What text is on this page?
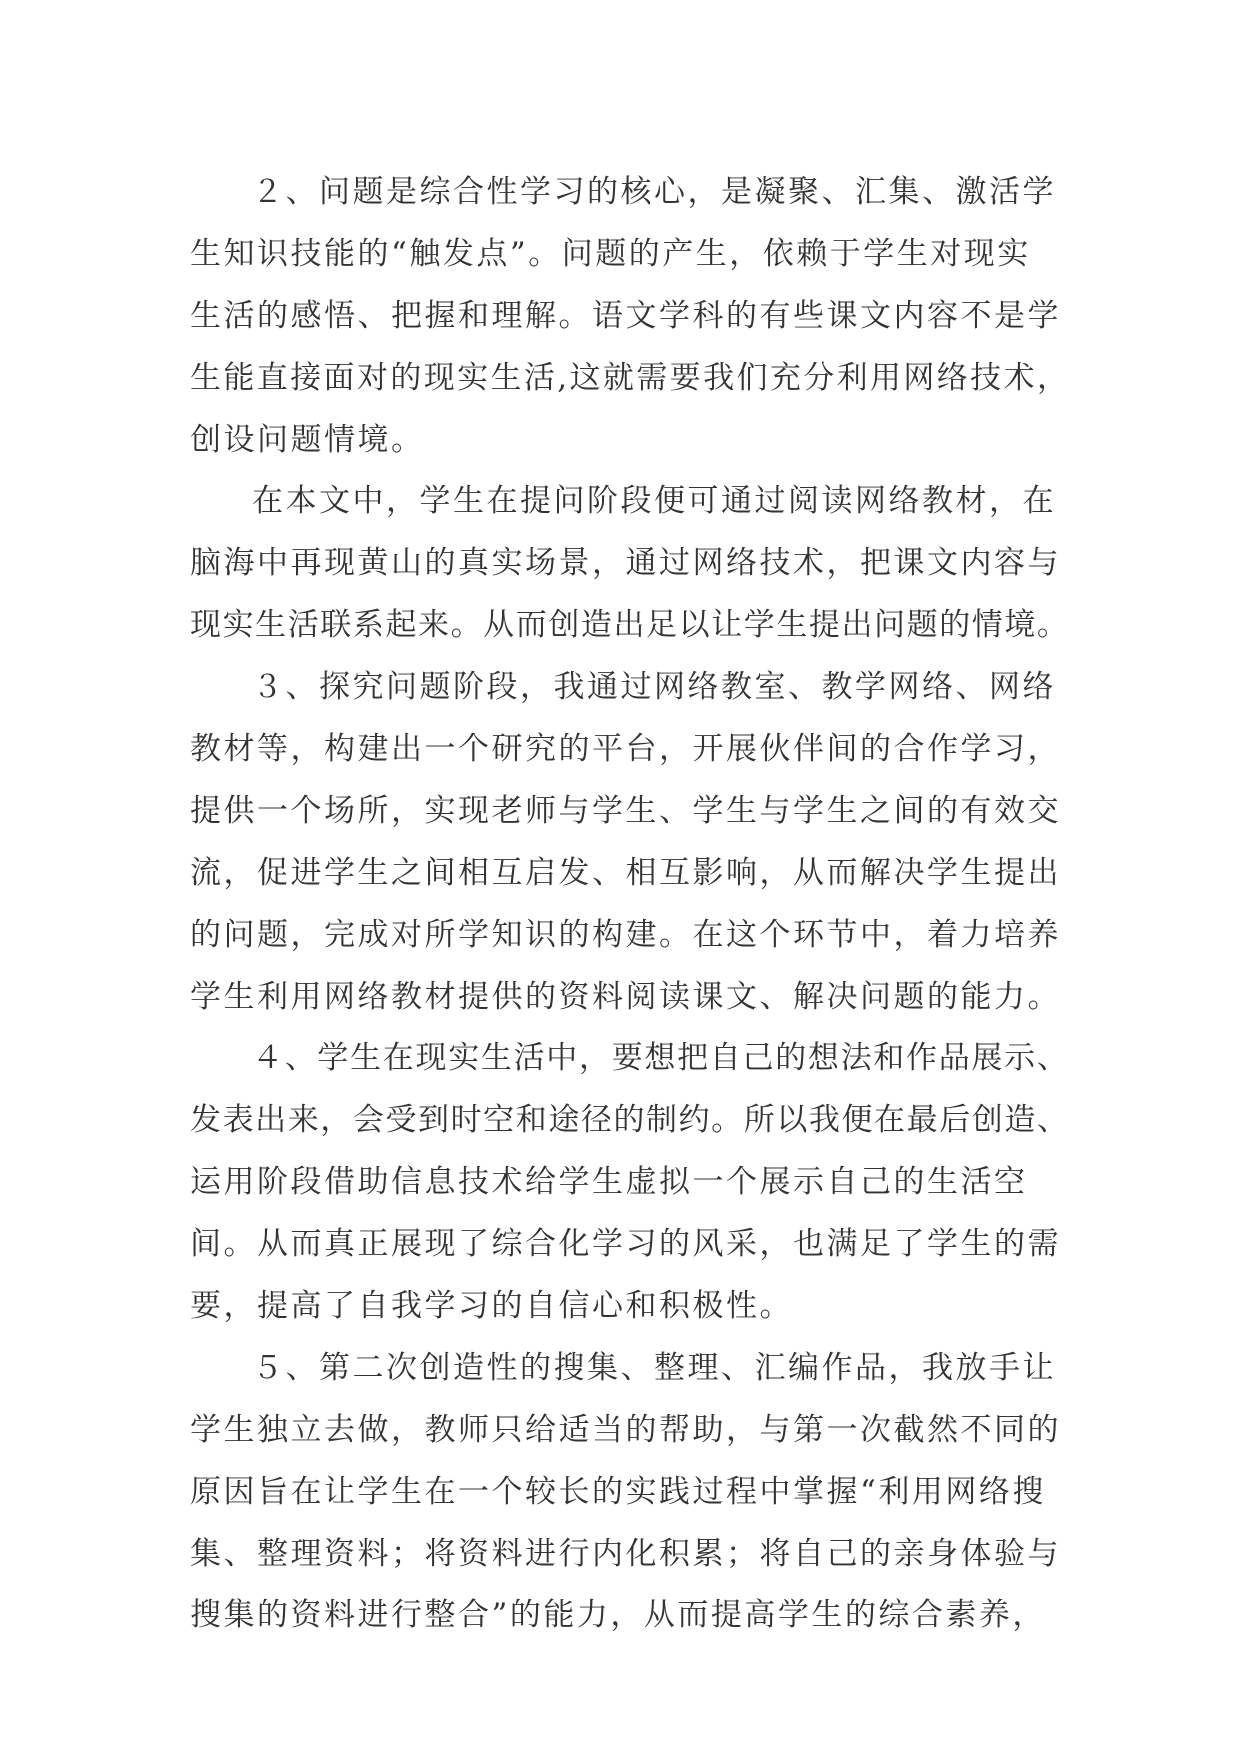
２、问题是综合性学习的核心，是凝聚、汇集、激活学
生知识技能的“触发点”。问题的产生，依赖于学生对现实
生活的感悟、把握和理解。语文学科的有些课文内容不是学
生能直接面对的现实生活,这就需要我们充分利用网络技术，
创设问题情境。
在本文中，学生在提问阶段便可通过阅读网络教材，在
脑海中再现黄山的真实场景，通过网络技术，把课文内容与
现实生活联系起来。从而创造出足以让学生提出问题的情境。
３、探究问题阶段，我通过网络教室、教学网络、网络
教材等，构建出一个研究的平台，开展伙伴间的合作学习，
提供一个场所，实现老师与学生、学生与学生之间的有效交
流，促进学生之间相互启发、相互影响，从而解决学生提出
的问题，完成对所学知识的构建。在这个环节中，着力培养
学生利用网络教材提供的资料阅读课文、解决问题的能力。
４、学生在现实生活中，要想把自己的想法和作品展示、
发表出来，会受到时空和途径的制约。所以我便在最后创造、
运用阶段借助信息技术给学生虚拟一个展示自己的生活空
间。从而真正展现了综合化学习的风采，也满足了学生的需
要，提高了自我学习的自信心和积极性。
５、第二次创造性的搜集、整理、汇编作品，我放手让
学生独立去做，教师只给适当的帮助，与第一次截然不同的
原因旨在让学生在一个较长的实践过程中掌握“利用网络搜
集、整理资料；将资料进行内化积累；将自己的亲身体验与
搜集的资料进行整合”的能力，从而提高学生的综合素养，
